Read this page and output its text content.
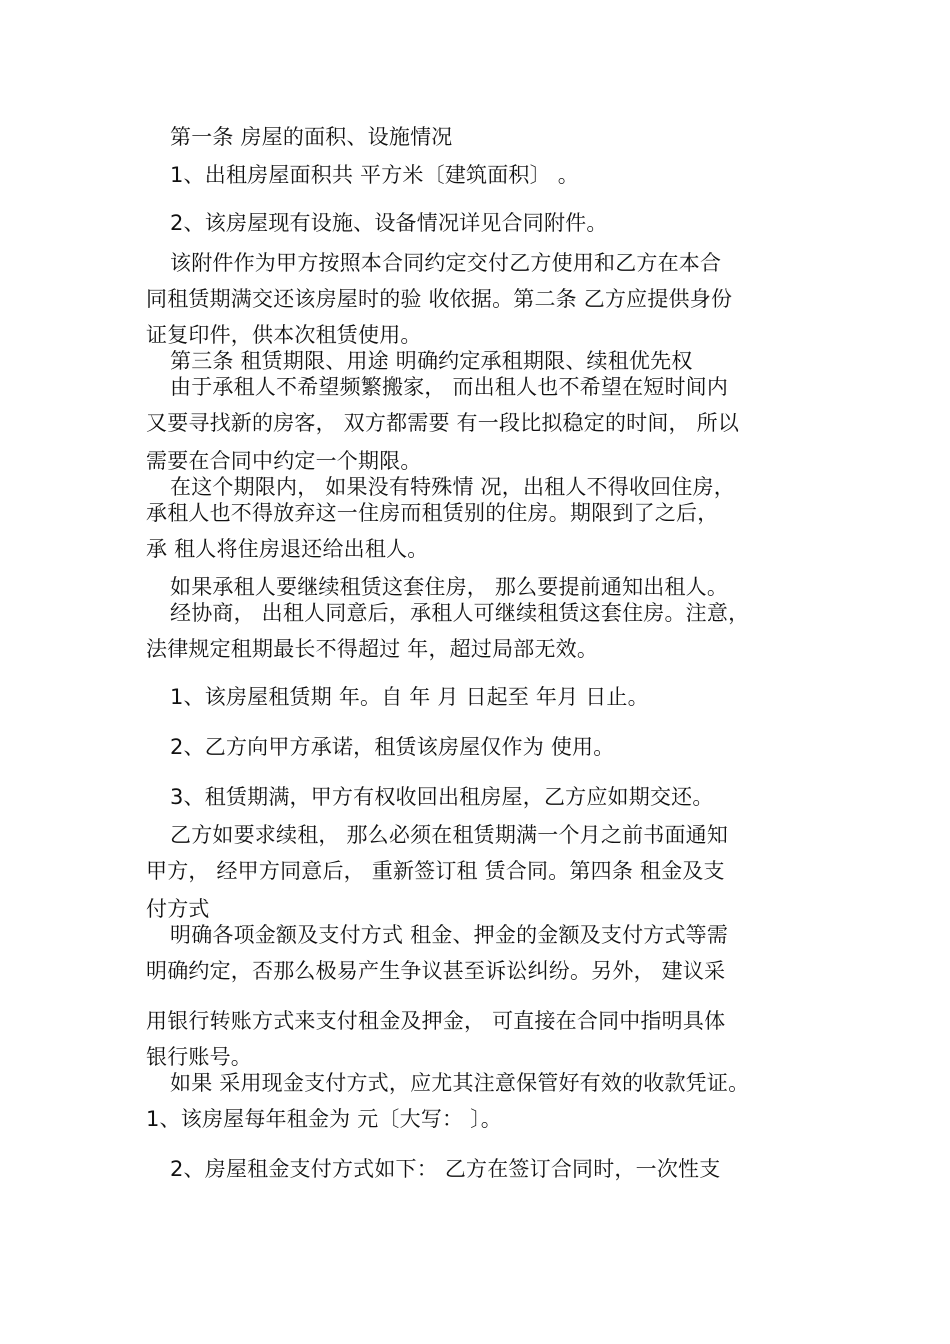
第一条 房屋的面积、设施情况
1、出租房屋面积共 平方米〔建筑面积〕 。
2、该房屋现有设施、设备情况详见合同附件。
该附件作为甲方按照本合同约定交付乙方使用和乙方在本合
同租赁期满交还该房屋时的验 收依据。第二条 乙方应提供身份
证复印件，供本次租赁使用。
第三条 租赁期限、用途 明确约定承租期限、续租优先权
由于承租人不希望频繁搬家， 而出租人也不希望在短时间内
又要寻找新的房客， 双方都需要 有一段比拟稳定的时间， 所以
需要在合同中约定一个期限。
在这个期限内， 如果没有特殊情 况，出租人不得收回住房，
承租人也不得放弃这一住房而租赁别的住房。期限到了之后，
承 租人将住房退还给出租人。
如果承租人要继续租赁这套住房， 那么要提前通知出租人。
经协商， 出租人同意后，承租人可继续租赁这套住房。注意，
法律规定租期最长不得超过 年，超过局部无效。
1、该房屋租赁期 年。自 年 月 日起至 年月 日止。
2、乙方向甲方承诺，租赁该房屋仅作为 使用。
3、租赁期满，甲方有权收回出租房屋，乙方应如期交还。
乙方如要求续租， 那么必须在租赁期满一个月之前书面通知
甲方， 经甲方同意后， 重新签订租 赁合同。第四条 租金及支
付方式
明确各项金额及支付方式 租金、押金的金额及支付方式等需
明确约定，否那么极易产生争议甚至诉讼纠纷。另外， 建议采
用银行转账方式来支付租金及押金， 可直接在合同中指明具体
银行账号。
如果 采用现金支付方式，应尤其注意保管好有效的收款凭证。
1、该房屋每年租金为 元〔大写： 〕。
2、房屋租金支付方式如下： 乙方在签订合同时，一次性支
